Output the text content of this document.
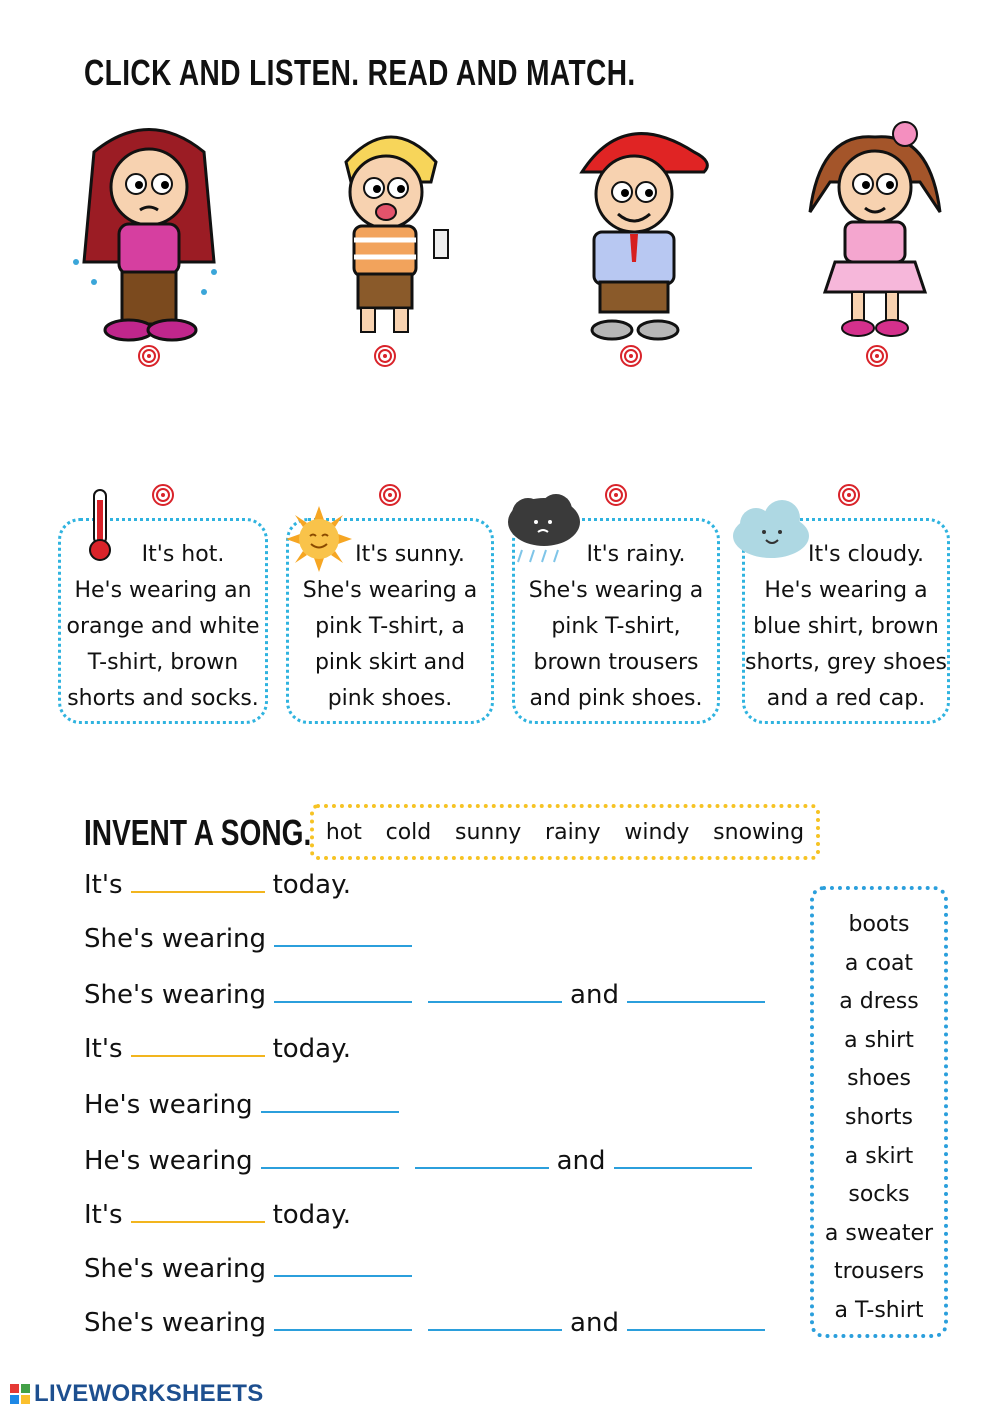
CLICK AND LISTEN. READ AND MATCH.
It's hot.
He's wearing an
orange and white
T-shirt, brown
shorts and socks.
It's sunny.
She's wearing a
pink T-shirt, a
pink skirt and
pink shoes.
It's rainy.
She's wearing a
pink T-shirt,
brown trousers
and pink shoes.
It's cloudy.
He's wearing a
blue shirt, brown
shorts, grey shoes
and a red cap.
INVENT A SONG. hot cold sunny rainy windy snowing
It's	today.
She's wearing
She's wearing	and
It's	today.
He's wearing
He's wearing	and
It's	today.
She's wearing
She's wearing	and
boots
a coat
a dress
a shirt
shoes
shorts
a skirt
socks
a sweater
trousers
a T-shirt
LIVEWORKSHEETS
